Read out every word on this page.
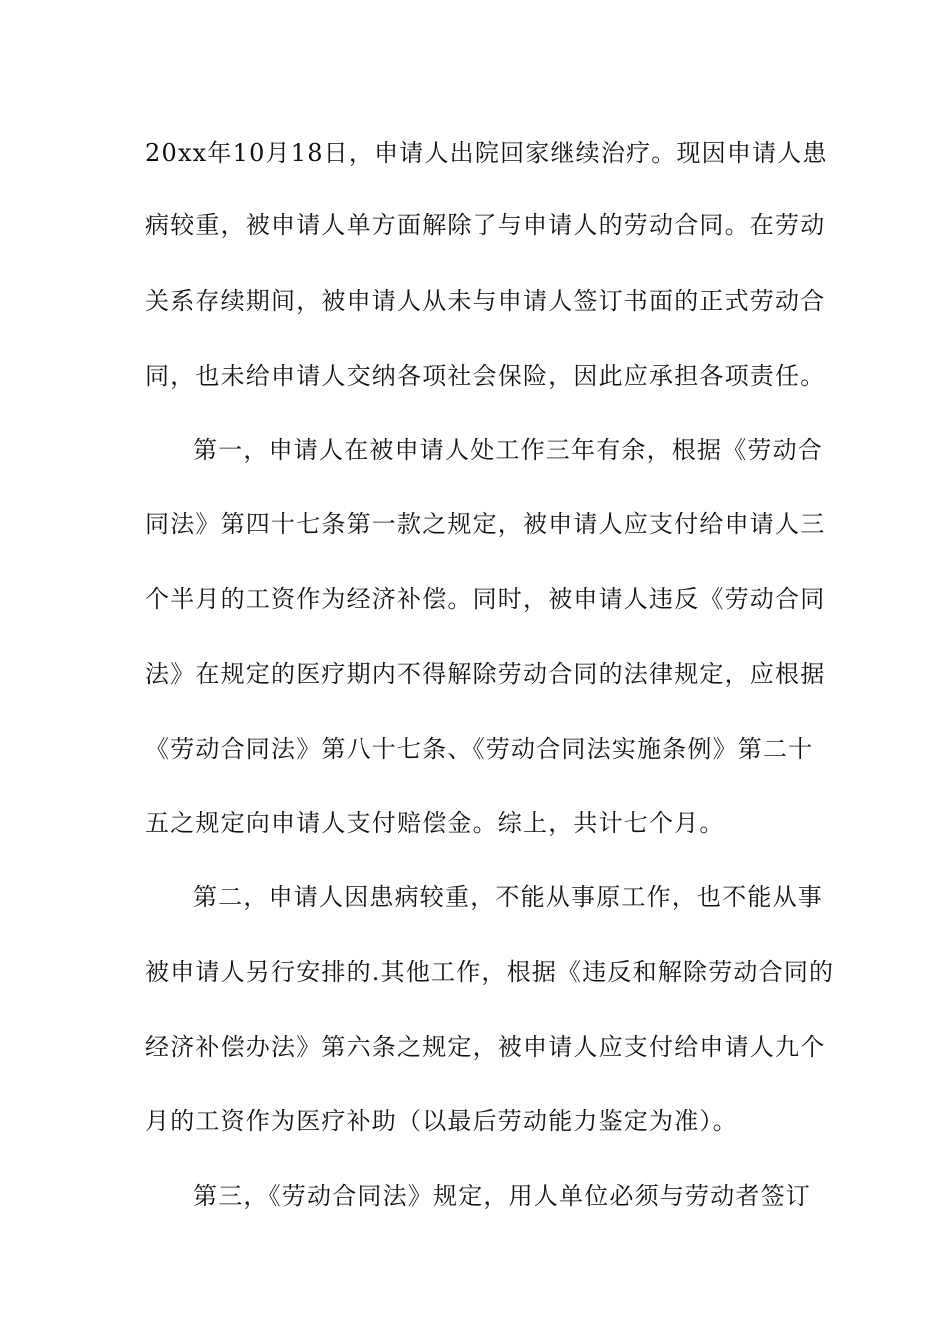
20xx年10月18日，申请人出院回家继续治疗。现因申请人患
病较重，被申请人单方面解除了与申请人的劳动合同。在劳动
关系存续期间，被申请人从未与申请人签订书面的正式劳动合
同，也未给申请人交纳各项社会保险，因此应承担各项责任。
第一，申请人在被申请人处工作三年有余，根据《劳动合
同法》第四十七条第一款之规定，被申请人应支付给申请人三
个半月的工资作为经济补偿。同时，被申请人违反《劳动合同
法》在规定的医疗期内不得解除劳动合同的法律规定，应根据
《劳动合同法》第八十七条、《劳动合同法实施条例》第二十
五之规定向申请人支付赔偿金。综上，共计七个月。
第二，申请人因患病较重，不能从事原工作，也不能从事
被申请人另行安排的.其他工作，根据《违反和解除劳动合同的
经济补偿办法》第六条之规定，被申请人应支付给申请人九个
月的工资作为医疗补助（以最后劳动能力鉴定为准）。
第三，《劳动合同法》规定，用人单位必须与劳动者签订
